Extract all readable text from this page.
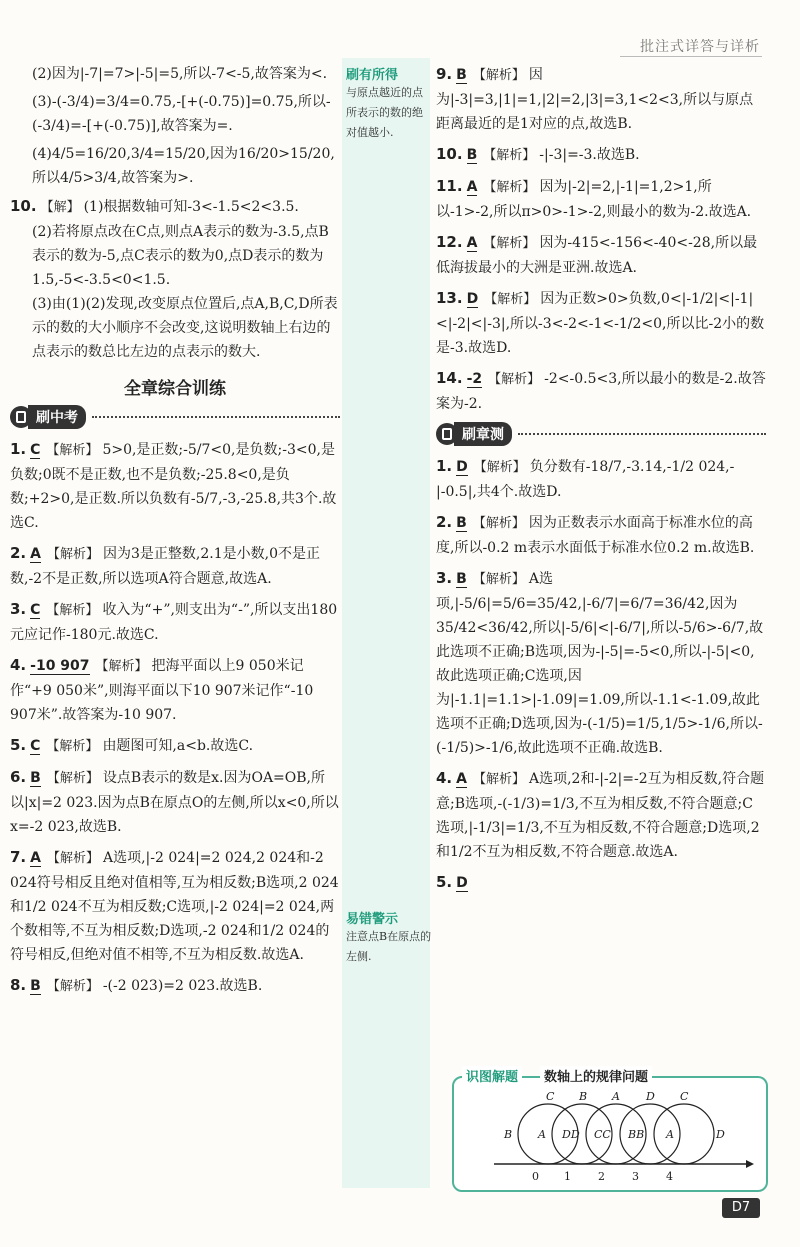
批注式详答与详析
刷有所得
与原点越近的点所表示的数的绝对值越小.
易错警示
注意点B在原点的左侧.

(2)因为|-7|=7>|-5|=5,所以-7<-5,故答案为<.

(3)-(-3/4)=3/4=0.75,-[+(-0.75)]=0.75,所以-(-3/4)=-[+(-0.75)],故答案为=.

(4)4/5=16/20,3/4=15/20,因为16/20>15/20,所以4/5>3/4,故答案为>.

10. 【解】 (1)根据数轴可知-3<-1.5<2<3.5.
(2)若将原点改在C点,则点A表示的数为-3.5,点B表示的数为-5,点C表示的数为0,点D表示的数为1.5,-5<-3.5<0<1.5.
(3)由(1)(2)发现,改变原点位置后,点A,B,C,D所表示的数的大小顺序不会改变,这说明数轴上右边的点表示的数总比左边的点表示的数大.
全章综合训练
刷中考
1. C 【解析】 5>0,是正数;-5/7<0,是负数;-3<0,是负数;0既不是正数,也不是负数;-25.8<0,是负数;+2>0,是正数.所以负数有-5/7,-3,-25.8,共3个.故选C.
2. A 【解析】 因为3是正整数,2.1是小数,0不是正数,-2不是正数,所以选项A符合题意,故选A.
3. C 【解析】 收入为“+”,则支出为“-”,所以支出180元应记作-180元.故选C.
4. -10 907 【解析】 把海平面以上9 050米记作“+9 050米”,则海平面以下10 907米记作“-10 907米”.故答案为-10 907.
5. C 【解析】 由题图可知,a<b.故选C.
6. B 【解析】 设点B表示的数是x.因为OA=OB,所以|x|=2 023.因为点B在原点O的左侧,所以x<0,所以x=-2 023,故选B.
7. A 【解析】 A选项,|-2 024|=2 024,2 024和-2 024符号相反且绝对值相等,互为相反数;B选项,2 024和1/2 024不互为相反数;C选项,|-2 024|=2 024,两个数相等,不互为相反数;D选项,-2 024和1/2 024的符号相反,但绝对值不相等,不互为相反数.故选A.
8. B 【解析】 -(-2 023)=2 023.故选B.
9. B 【解析】 因为|-3|=3,|1|=1,|2|=2,|3|=3,1<2<3,所以与原点距离最近的是1对应的点,故选B.
10. B 【解析】 -|-3|=-3.故选B.
11. A 【解析】 因为|-2|=2,|-1|=1,2>1,所以-1>-2,所以π>0>-1>-2,则最小的数为-2.故选A.
12. A 【解析】 因为-415<-156<-40<-28,所以最低海拔最小的大洲是亚洲.故选A.
13. D 【解析】 因为正数>0>负数,0<|-1/2|<|-1|<|-2|<|-3|,所以-3<-2<-1<-1/2<0,所以比-2小的数是-3.故选D.
14. -2 【解析】 -2<-0.5<3,所以最小的数是-2.故答案为-2.
刷章测
1. D 【解析】 负分数有-18/7,-3.14,-1/2 024,-|-0.5|,共4个.故选D.
2. B 【解析】 因为正数表示水面高于标准水位的高度,所以-0.2 m表示水面低于标准水位0.2 m.故选B.
3. B 【解析】 A选项,|-5/6|=5/6=35/42,|-6/7|=6/7=36/42,因为35/42<36/42,所以|-5/6|<|-6/7|,所以-5/6>-6/7,故此选项不正确;B选项,因为-|-5|=-5<0,所以-|-5|<0,故此选项正确;C选项,因为|-1.1|=1.1>|-1.09|=1.09,所以-1.1<-1.09,故此选项不正确;D选项,因为-(-1/5)=1/5,1/5>-1/6,所以-(-1/5)>-1/6,故此选项不正确.故选B.
4. A 【解析】 A选项,2和-|-2|=-2互为相反数,符合题意;B选项,-(-1/3)=1/3,不互为相反数,不符合题意;C选项,|-1/3|=1/3,不互为相反数,不符合题意;D选项,2和1/2不互为相反数,不符合题意.故选A.
5. D
识图解题	数轴上的规律问题
0 1 2 3 4
C B A D C
B A DD CC BB A	D
D7
